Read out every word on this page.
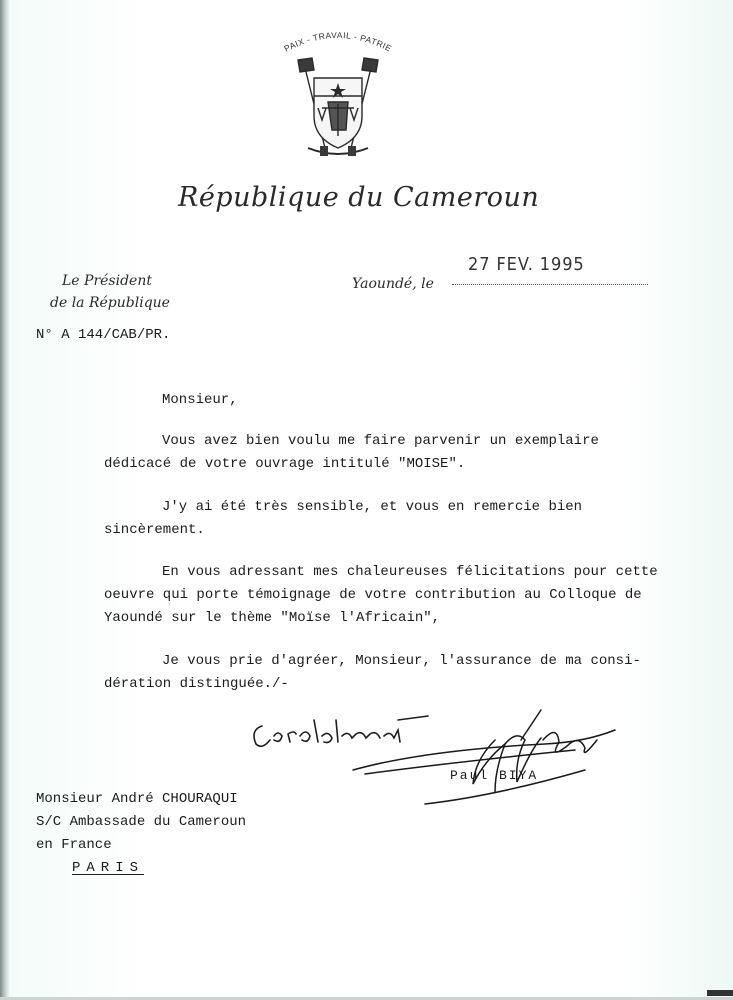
PAIX - TRAVAIL - PATRIE
République du Cameroun
Le Président
de la République
N° A 144/CAB/PR.
Yaoundé, le
27 FEV. 1995
Monsieur,

Vous avez bien voulu me faire parvenir un exemplaire
dédicacé de votre ouvrage intitulé "MOISE".

J'y ai été très sensible, et vous en remercie bien
sincèrement.

En vous adressant mes chaleureuses félicitations pour cette
oeuvre qui porte témoignage de votre contribution au Colloque de
Yaoundé sur le thème "Moïse l'Africain",

Je vous prie d'agréer, Monsieur, l'assurance de ma consi-
dération distinguée./-

Paul BIYA
Monsieur André CHOURAQUI
S/C Ambassade du Cameroun
en France
PARIS
